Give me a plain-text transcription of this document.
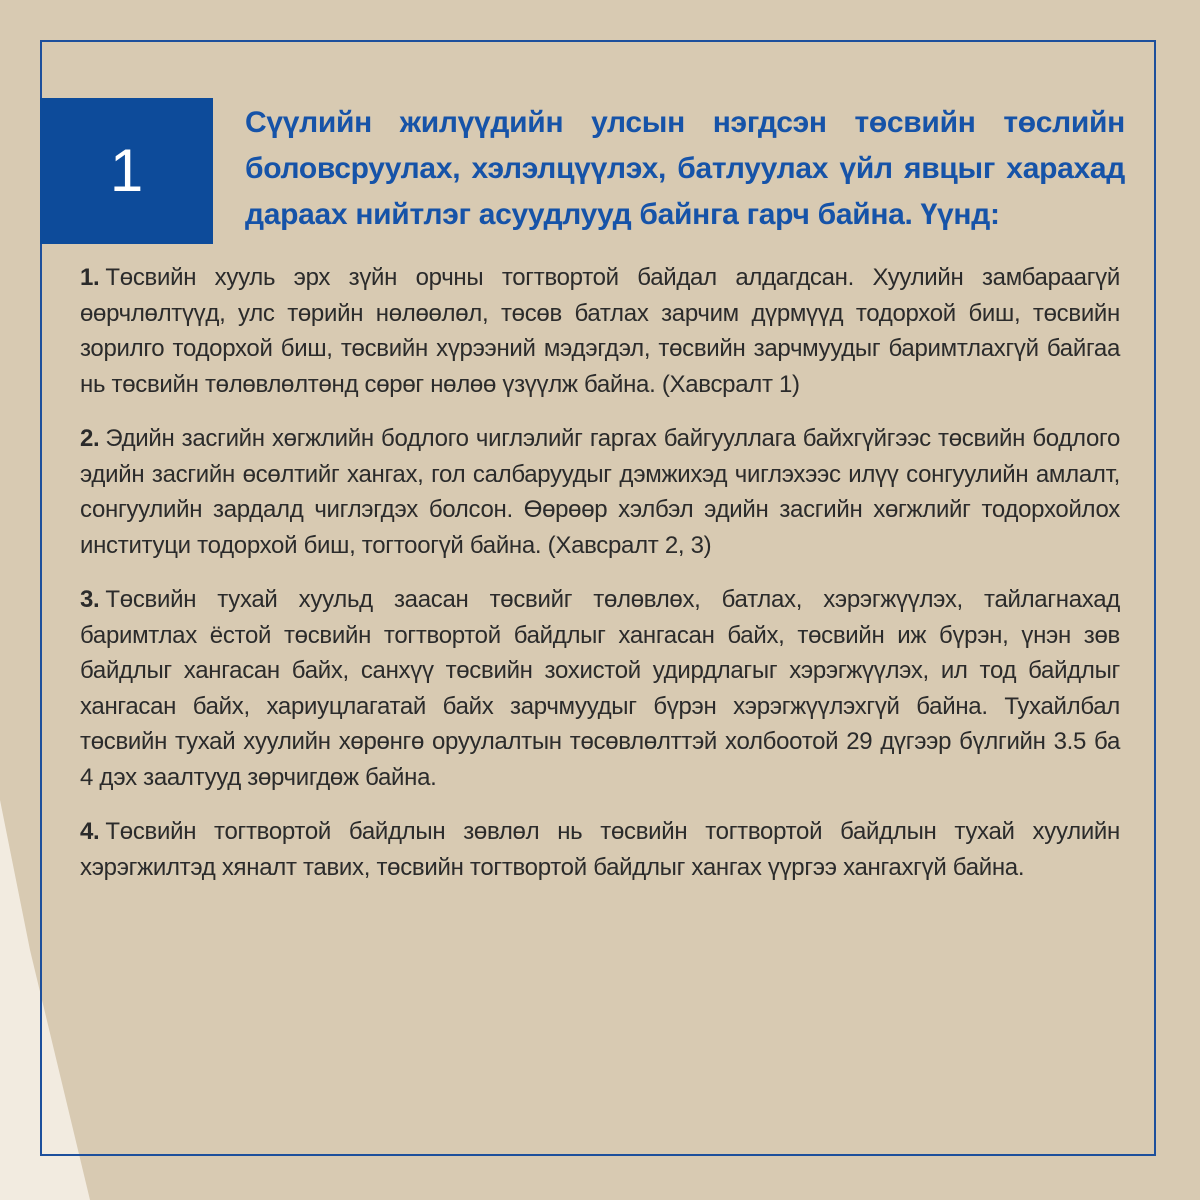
1

Сүүлийн жилүүдийн улсын нэгдсэн төсвийн төслийн боловсруулах, хэлэлцүүлэх, батлуулах үйл явцыг харахад дараах нийтлэг асуудлууд байнга гарч байна. Үүнд:

1. Төсвийн хууль эрх зүйн орчны тогтвортой байдал алдагдсан. Хуулийн замбараагүй өөрчлөлтүүд, улс төрийн нөлөөлөл, төсөв батлах зарчим дүрмүүд тодорхой биш, төсвийн зорилго тодорхой биш, төсвийн хүрээний мэдэгдэл, төсвийн зарчмуудыг баримтлахгүй байгаа нь төсвийн төлөвлөлтөнд сөрөг нөлөө үзүүлж байна. (Хавсралт 1)

2. Эдийн засгийн хөгжлийн бодлого чиглэлийг гаргах байгууллага байхгүйгээс төсвийн бодлого эдийн засгийн өсөлтийг хангах, гол салбаруудыг дэмжихэд чиглэхээс илүү сонгуулийн амлалт, сонгуулийн зардалд чиглэгдэх болсон. Өөрөөр хэлбэл эдийн засгийн хөгжлийг тодорхойлох институци тодорхой биш, тогтоогүй байна. (Хавсралт 2, 3)

3. Төсвийн тухай хуульд заасан төсвийг төлөвлөх, батлах, хэрэгжүүлэх, тайлагнахад баримтлах ёстой төсвийн тогтвортой байдлыг хангасан байх, төсвийн иж бүрэн, үнэн зөв байдлыг хангасан байх, санхүү төсвийн зохистой удирдлагыг хэрэгжүүлэх, ил тод байдлыг хангасан байх, хариуцлагатай байх зарчмуудыг бүрэн хэрэгжүүлэхгүй байна. Тухайлбал төсвийн тухай хуулийн хөрөнгө оруулалтын төсөвлөлттэй холбоотой 29 дүгээр бүлгийн 3.5 ба 4 дэх заалтууд зөрчигдөж байна.

4. Төсвийн тогтвортой байдлын зөвлөл нь төсвийн тогтвортой байдлын тухай хуулийн хэрэгжилтэд хяналт тавих, төсвийн тогтвортой байдлыг хангах үүргээ хангахгүй байна.
